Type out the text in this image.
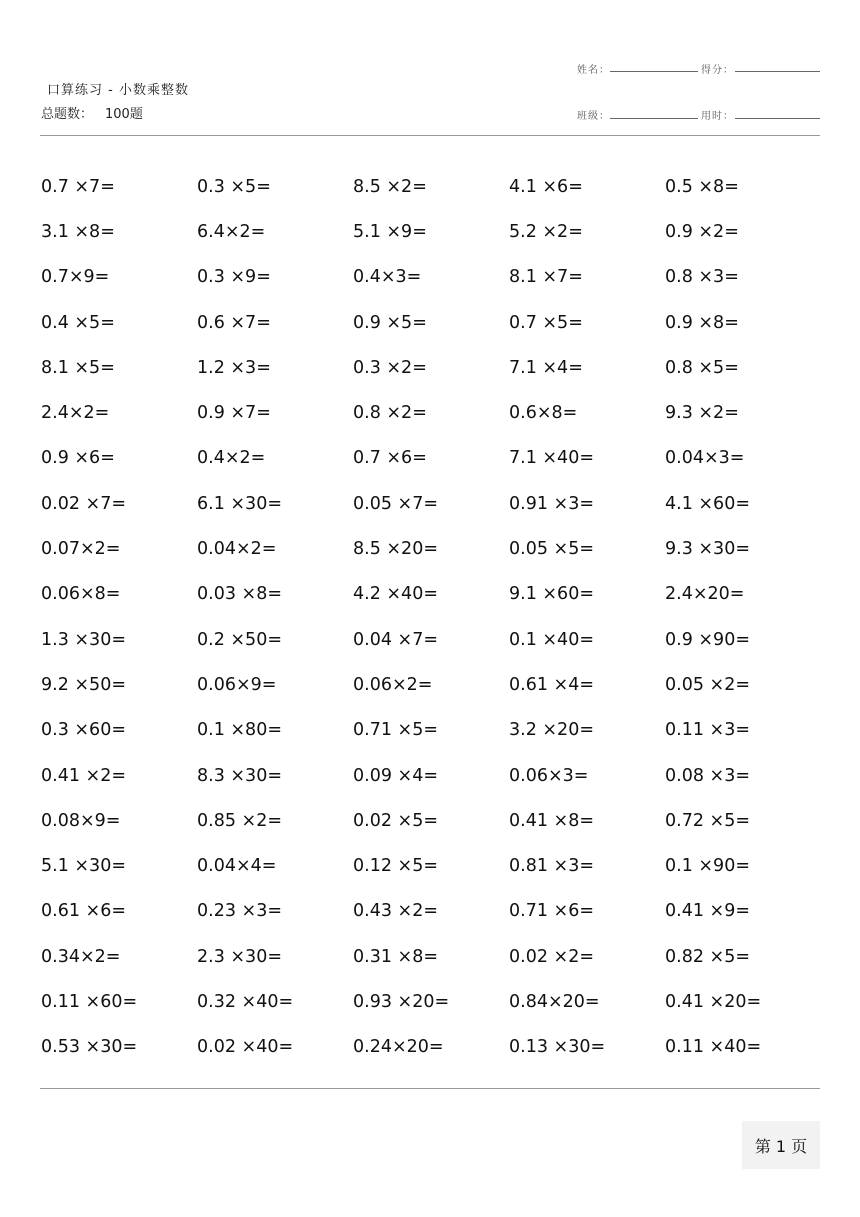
口算练习 - 小数乘整数
总题数： 100题
姓名：	得分：
班级：	用时：
0.7 ×7=	0.3 ×5=	8.5 ×2=	4.1 ×6=	0.5 ×8=
3.1 ×8=	6.4×2=	5.1 ×9=	5.2 ×2=	0.9 ×2=
0.7×9=	0.3 ×9=	0.4×3=	8.1 ×7=	0.8 ×3=
0.4 ×5=	0.6 ×7=	0.9 ×5=	0.7 ×5=	0.9 ×8=
8.1 ×5=	1.2 ×3=	0.3 ×2=	7.1 ×4=	0.8 ×5=
2.4×2=	0.9 ×7=	0.8 ×2=	0.6×8=	9.3 ×2=
0.9 ×6=	0.4×2=	0.7 ×6=	7.1 ×40=	0.04×3=
0.02 ×7=	6.1 ×30=	0.05 ×7=	0.91 ×3=	4.1 ×60=
0.07×2=	0.04×2=	8.5 ×20=	0.05 ×5=	9.3 ×30=
0.06×8=	0.03 ×8=	4.2 ×40=	9.1 ×60=	2.4×20=
1.3 ×30=	0.2 ×50=	0.04 ×7=	0.1 ×40=	0.9 ×90=
9.2 ×50=	0.06×9=	0.06×2=	0.61 ×4=	0.05 ×2=
0.3 ×60=	0.1 ×80=	0.71 ×5=	3.2 ×20=	0.11 ×3=
0.41 ×2=	8.3 ×30=	0.09 ×4=	0.06×3=	0.08 ×3=
0.08×9=	0.85 ×2=	0.02 ×5=	0.41 ×8=	0.72 ×5=
5.1 ×30=	0.04×4=	0.12 ×5=	0.81 ×3=	0.1 ×90=
0.61 ×6=	0.23 ×3=	0.43 ×2=	0.71 ×6=	0.41 ×9=
0.34×2=	2.3 ×30=	0.31 ×8=	0.02 ×2=	0.82 ×5=
0.11 ×60=	0.32 ×40=	0.93 ×20=	0.84×20=	0.41 ×20=
0.53 ×30=	0.02 ×40=	0.24×20=	0.13 ×30=	0.11 ×40=
第 1 页
